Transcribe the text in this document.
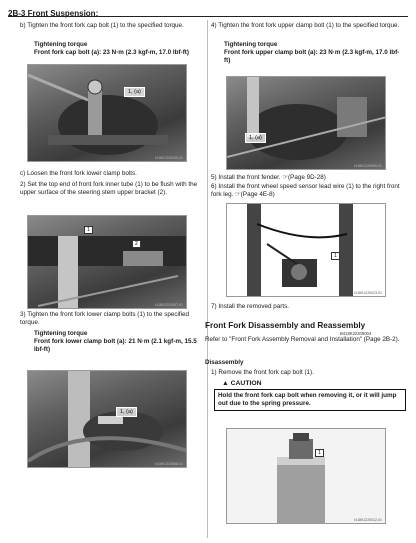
2B-3 Front Suspension:

b) Tighten the front fork cap bolt (1) to the specified torque.

Tightening torque

Front fork cap bolt (a): 23 N·m (2.3 kgf-m, 17.0 lbf-ft)

1, (a)
I418K1220030-01

c) Loosen the front fork lower clamp bolts.

2) Set the top end of front fork inner tube (1) to be flush with the upper surface of the steering stem upper bracket (2).

1
2
I418K1220067-01

3) Tighten the front fork lower clamp bolts (1) to the specified torque.

Tightening torque

Front fork lower clamp bolt (a): 21 N·m (2.1 kgf-m, 15.5 lbf-ft)

1, (a)
I418K1220068-01

4) Tighten the front fork upper clamp bolt (1) to the specified torque.

Tightening torque

Front fork upper clamp bolt (a): 23 N·m (2.3 kgf-m, 17.0 lbf-ft)

1, (a)
I418K1220069-01

5) Install the front fender. ☞(Page 9D-28)

6) Install the front wheel speed sensor lead wire (1) to the right front fork leg. ☞(Page 4E-8)

1
I418K1220023-01

7) Install the removed parts.

Front Fork Disassembly and Reassembly

B418K22206004

Refer to "Front Fork Assembly Removal and Installation" (Page 2B-2).

Disassembly

1) Remove the front fork cap bolt (1).

▲ CAUTION

Hold the front fork cap bolt when removing it, or it will jump out due to the spring pressure.
1
I418K1220012-01
